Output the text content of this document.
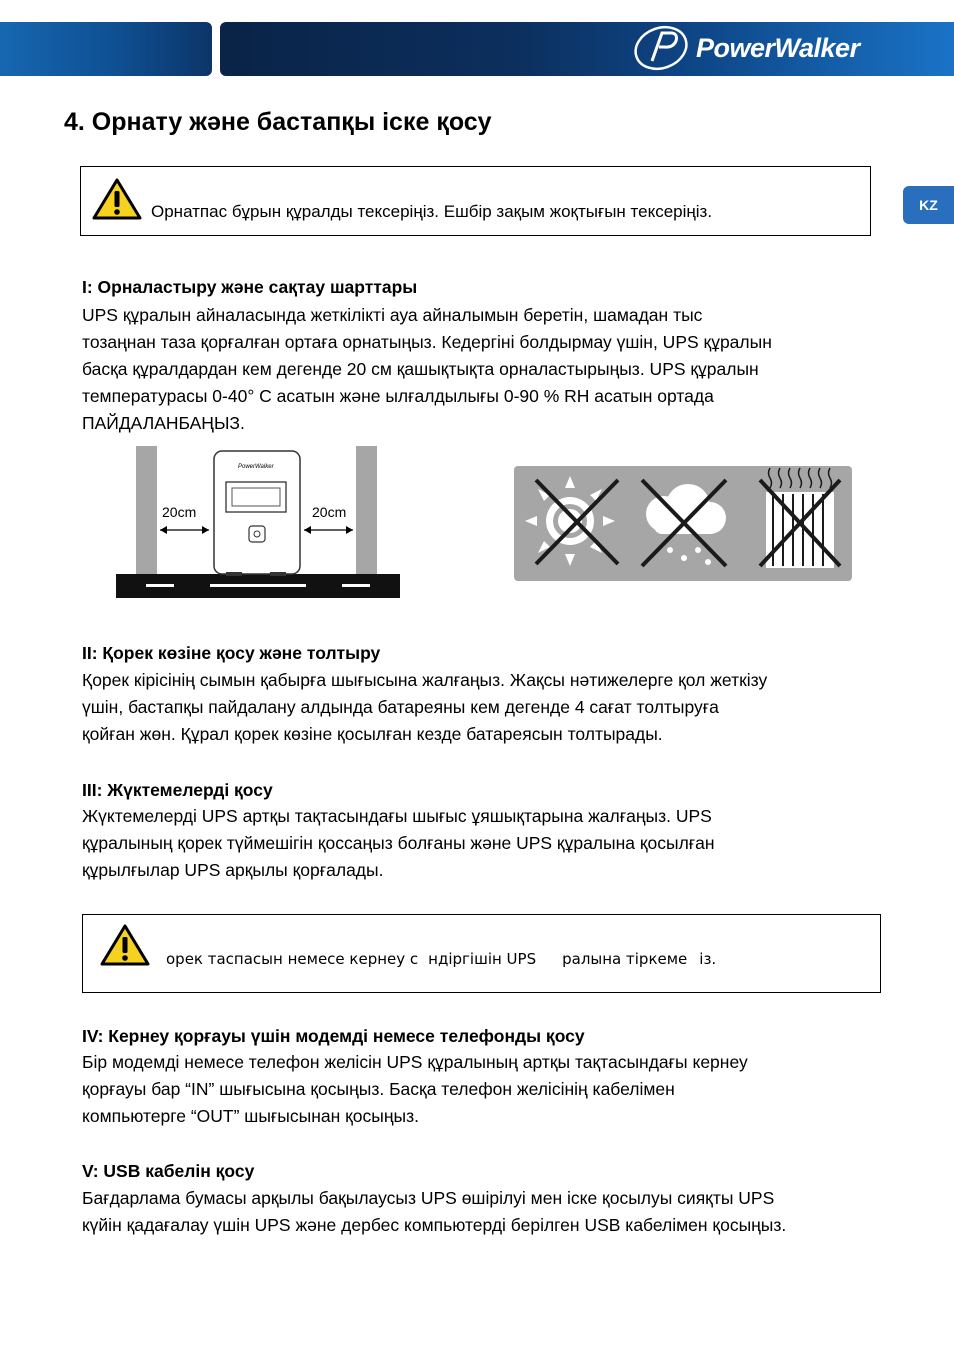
PowerWalker
KZ
4. Орнату және бастапқы іске қосу
Орнатпас бұрын құралды тексеріңіз. Ешбір зақым жоқтығын тексеріңіз.
I: Орналастыру және сақтау шарттары

UPS құралын айналасында жеткілікті ауа айналымын беретін, шамадан тыс
тозаңнан таза қорғалған ортаға орнатыңыз. Кедергіні болдырмау үшін, UPS құралын
басқа құралдардан кем дегенде 20 см қашықтықта орналастырыңыз. UPS құралын
температурасы 0-40° C асатын және ылғалдылығы 0-90 % RH асатын ортада
ПАЙДАЛАНБАҢЫЗ.

20cm	20cm
PowerWalker
II: Қорек көзіне қосу және толтыру

Қорек кірісінің сымын қабырға шығысына жалғаңыз. Жақсы нәтижелерге қол жеткізу
үшін, бастапқы пайдалану алдында батареяны кем дегенде 4 сағат толтыруға
қойған жөн. Құрал қорек көзіне қосылған кезде батареясын толтырады.

III: Жүктемелерді қосу

Жүктемелерді UPS артқы тақтасындағы шығыс ұяшықтарына жалғаңыз. UPS
құралының қорек түймешігін қоссаңыз болғаны және UPS құралына қосылған
құрылғылар UPS арқылы қорғалады.

орек таспасын немесе кернеу с ндіргішін UPS ралына тіркеме із.
IV: Кернеу қорғауы үшін модемді немесе телефонды қосу

Бір модемді немесе телефон желісін UPS құралының артқы тақтасындағы кернеу
қорғауы бар “IN” шығысына қосыңыз. Басқа телефон желісінің кабелімен
компьютерге “OUT” шығысынан қосыңыз.

V: USB кабелін қосу

Бағдарлама бумасы арқылы бақылаусыз UPS өшірілуі мен іске қосылуы сияқты UPS
күйін қадағалау үшін UPS және дербес компьютерді берілген USB кабелімен қосыңыз.
